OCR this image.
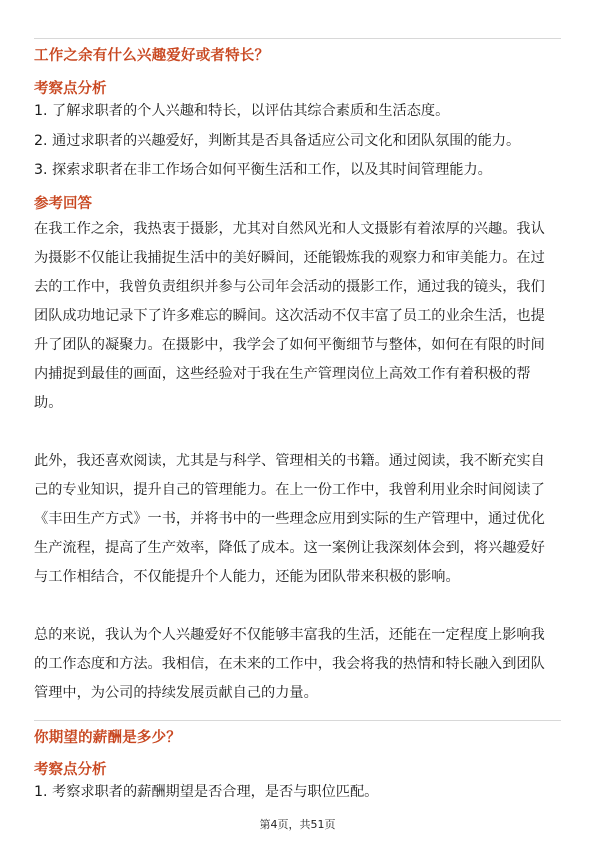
工作之余有什么兴趣爱好或者特长？
考察点分析
1. 了解求职者的个人兴趣和特长，以评估其综合素质和生活态度。
2. 通过求职者的兴趣爱好，判断其是否具备适应公司文化和团队氛围的能力。
3. 探索求职者在非工作场合如何平衡生活和工作，以及其时间管理能力。
参考回答
在我工作之余，我热衷于摄影，尤其对自然风光和人文摄影有着浓厚的兴趣。我认
为摄影不仅能让我捕捉生活中的美好瞬间，还能锻炼我的观察力和审美能力。在过
去的工作中，我曾负责组织并参与公司年会活动的摄影工作，通过我的镜头，我们
团队成功地记录下了许多难忘的瞬间。这次活动不仅丰富了员工的业余生活，也提
升了团队的凝聚力。在摄影中，我学会了如何平衡细节与整体，如何在有限的时间
内捕捉到最佳的画面，这些经验对于我在生产管理岗位上高效工作有着积极的帮
助。
此外，我还喜欢阅读，尤其是与科学、管理相关的书籍。通过阅读，我不断充实自
己的专业知识，提升自己的管理能力。在上一份工作中，我曾利用业余时间阅读了
《丰田生产方式》一书，并将书中的一些理念应用到实际的生产管理中，通过优化
生产流程，提高了生产效率，降低了成本。这一案例让我深刻体会到，将兴趣爱好
与工作相结合，不仅能提升个人能力，还能为团队带来积极的影响。
总的来说，我认为个人兴趣爱好不仅能够丰富我的生活，还能在一定程度上影响我
的工作态度和方法。我相信，在未来的工作中，我会将我的热情和特长融入到团队
管理中，为公司的持续发展贡献自己的力量。
你期望的薪酬是多少？
考察点分析
1. 考察求职者的薪酬期望是否合理，是否与职位匹配。
第4页，共51页
